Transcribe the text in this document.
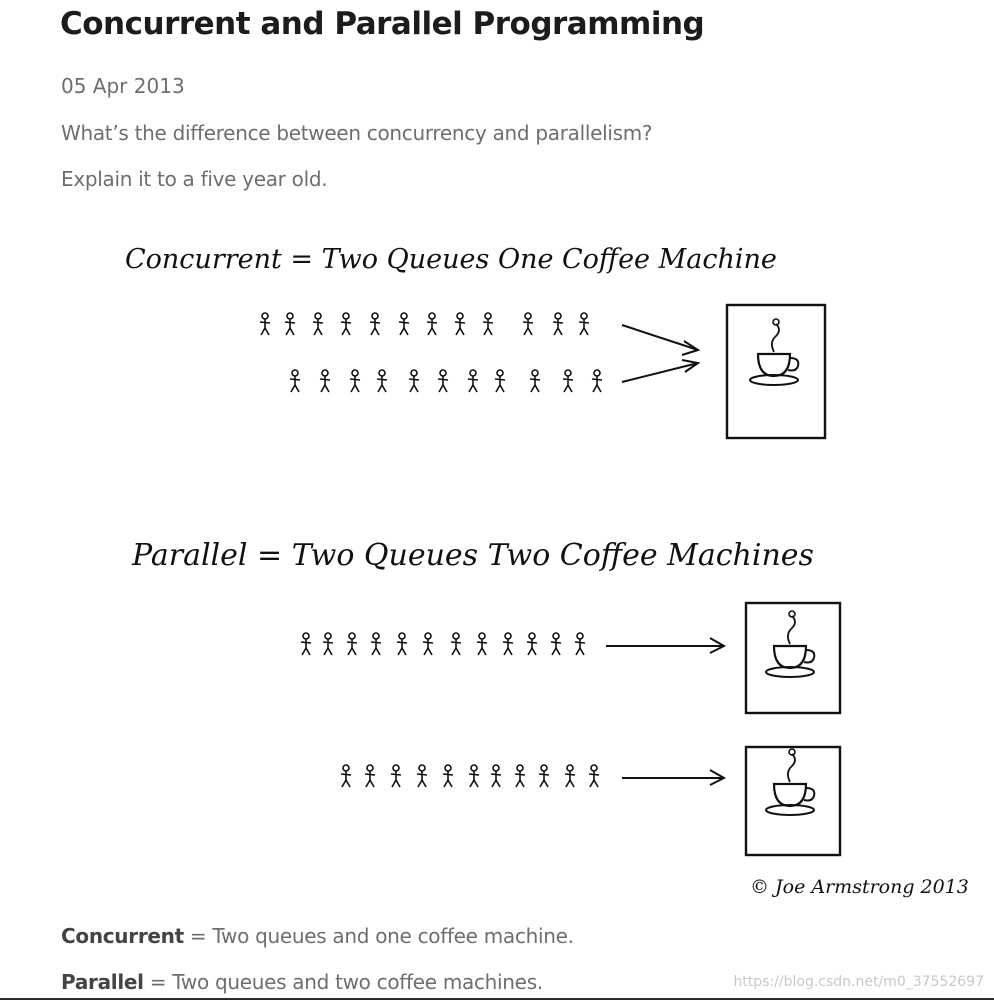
Concurrent and Parallel Programming
05 Apr 2013
What’s the difference between concurrency and parallelism?
Explain it to a five year old.
Concurrent = Two Queues One Coffee Machine
Parallel = Two Queues Two Coffee Machines
© Joe Armstrong 2013
Concurrent = Two queues and one coffee machine.
Parallel = Two queues and two coffee machines.	https://blog.csdn.net/m0_37552697
